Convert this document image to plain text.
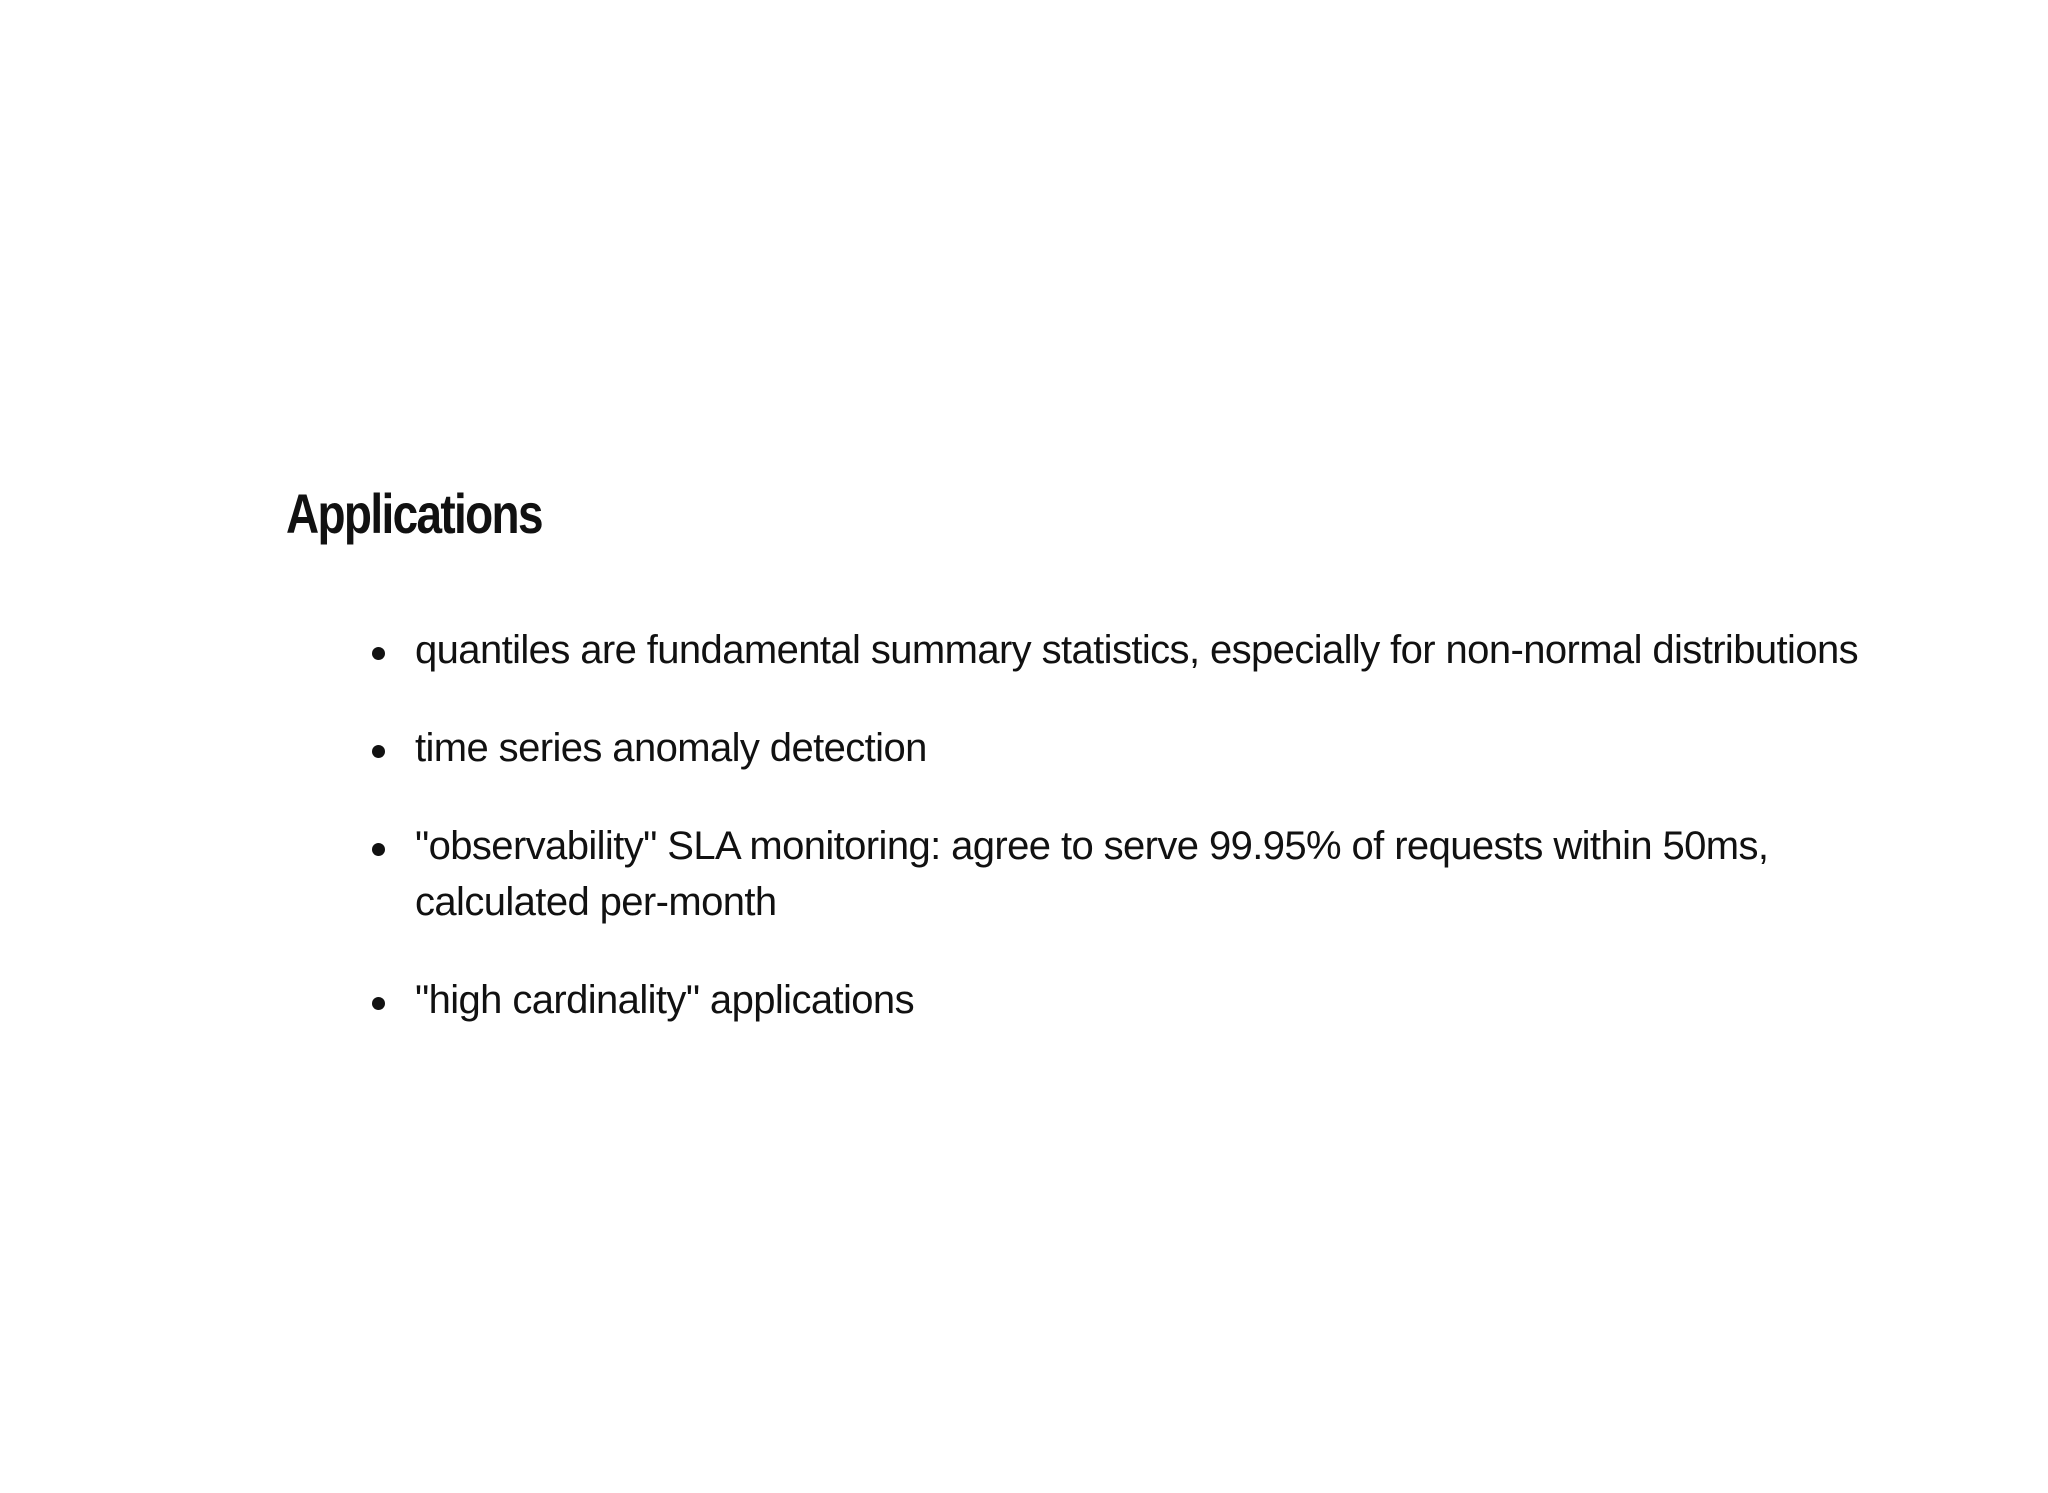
Applications
quantiles are fundamental summary statistics, especially for non-normal distributions
time series anomaly detection
"observability" SLA monitoring: agree to serve 99.95% of requests within 50ms, calculated per-month
"high cardinality" applications
